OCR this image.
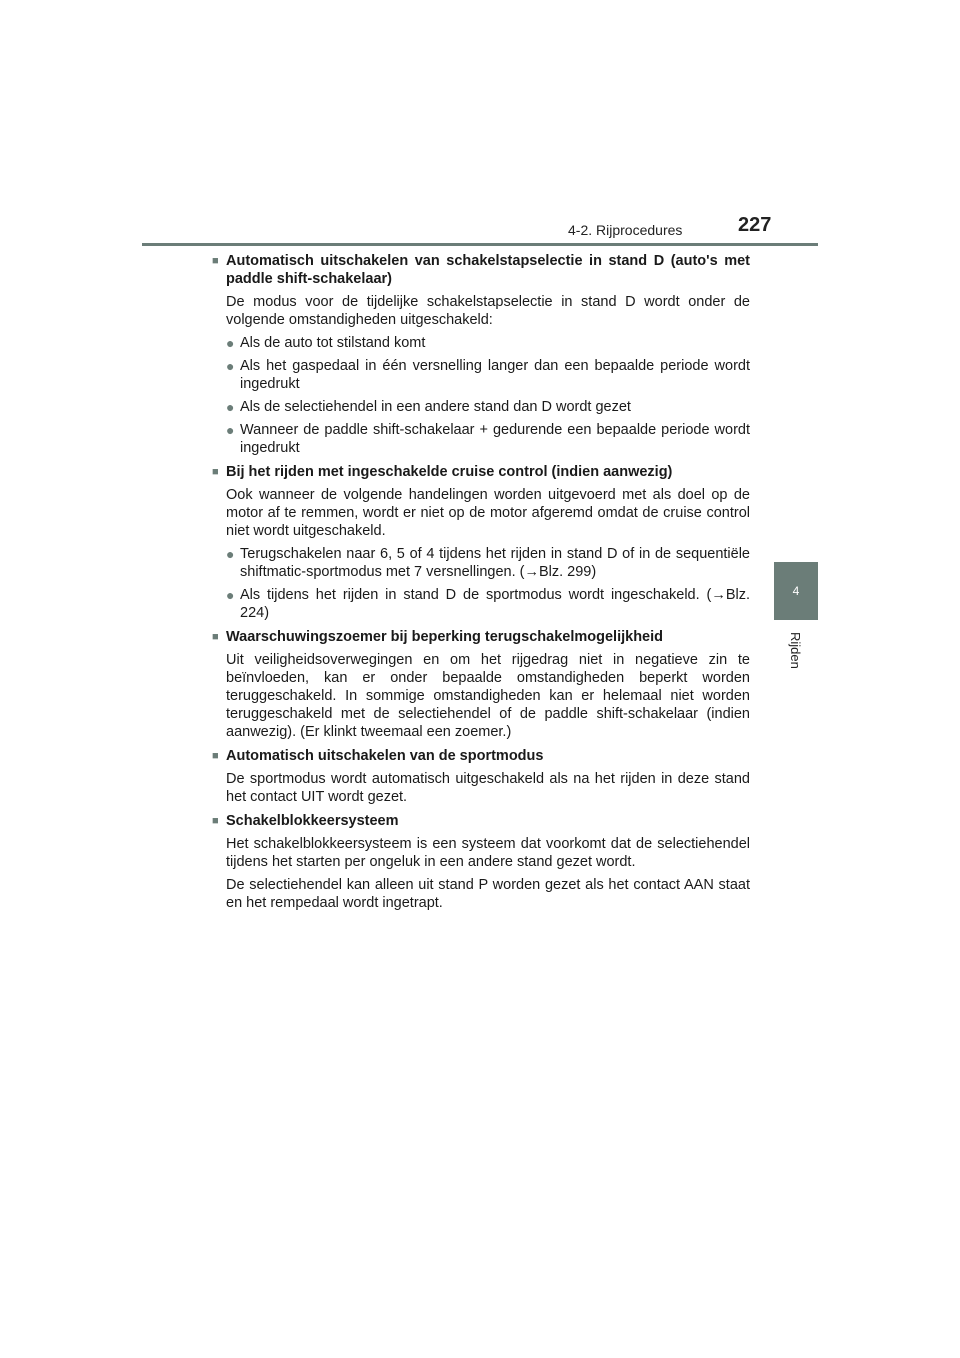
4-2. Rijprocedures	227
4
Rijden
■ Automatisch uitschakelen van schakelstapselectie in stand D (auto's met paddle shift-schakelaar)
De modus voor de tijdelijke schakelstapselectie in stand D wordt onder de volgende omstandigheden uitgeschakeld:
● Als de auto tot stilstand komt
● Als het gaspedaal in één versnelling langer dan een bepaalde periode wordt ingedrukt
● Als de selectiehendel in een andere stand dan D wordt gezet
● Wanneer de paddle shift-schakelaar + gedurende een bepaalde periode wordt ingedrukt
■ Bij het rijden met ingeschakelde cruise control (indien aanwezig)
Ook wanneer de volgende handelingen worden uitgevoerd met als doel op de motor af te remmen, wordt er niet op de motor afgeremd omdat de cruise control niet wordt uitgeschakeld.
● Terugschakelen naar 6, 5 of 4 tijdens het rijden in stand D of in de sequentiële shiftmatic-sportmodus met 7 versnellingen. (→Blz. 299)
● Als tijdens het rijden in stand D de sportmodus wordt ingeschakeld. (→Blz. 224)
■ Waarschuwingszoemer bij beperking terugschakelmogelijkheid
Uit veiligheidsoverwegingen en om het rijgedrag niet in negatieve zin te beïnvloeden, kan er onder bepaalde omstandigheden beperkt worden teruggeschakeld. In sommige omstandigheden kan er helemaal niet worden teruggeschakeld met de selectiehendel of de paddle shift-schakelaar (indien aanwezig). (Er klinkt tweemaal een zoemer.)
■ Automatisch uitschakelen van de sportmodus
De sportmodus wordt automatisch uitgeschakeld als na het rijden in deze stand het contact UIT wordt gezet.
■ Schakelblokkeersysteem
Het schakelblokkeersysteem is een systeem dat voorkomt dat de selectiehendel tijdens het starten per ongeluk in een andere stand gezet wordt.
De selectiehendel kan alleen uit stand P worden gezet als het contact AAN staat en het rempedaal wordt ingetrapt.
